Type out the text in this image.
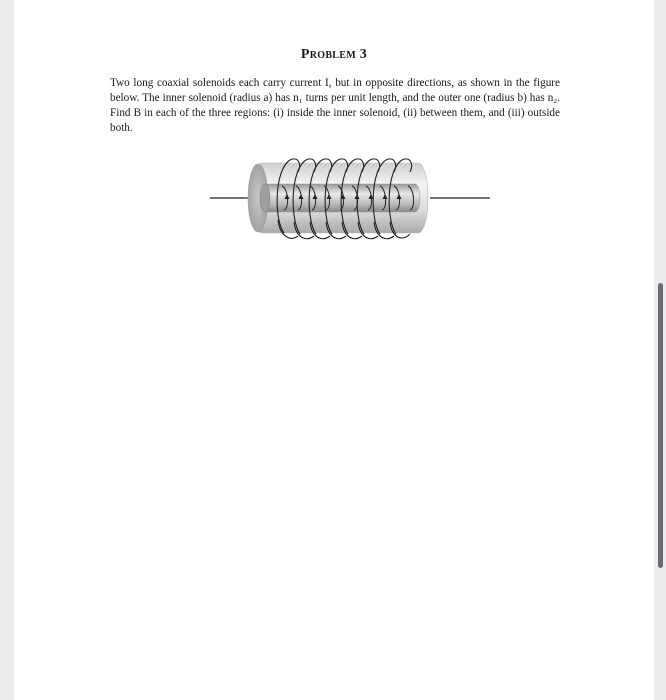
Problem 3

Two long coaxial solenoids each carry current I, but in opposite directions, as shown in the figure below. The inner solenoid (radius a) has n₁ turns per unit length, and the outer one (radius b) has n₂. Find B in each of the three regions: (i) inside the inner solenoid, (ii) between them, and (iii) outside both.
